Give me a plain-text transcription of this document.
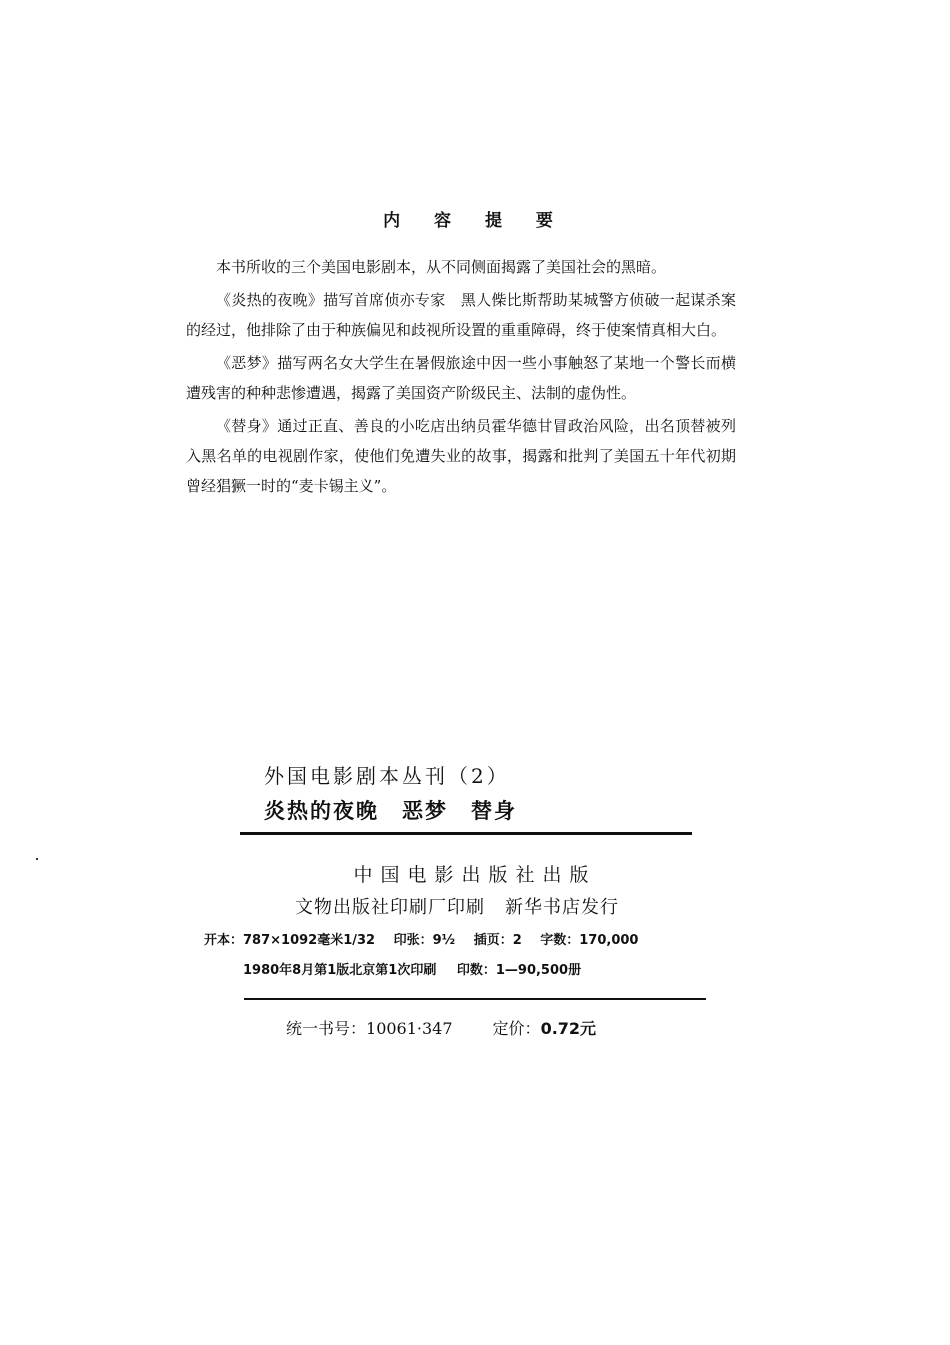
内 容 提 要

本书所收的三个美国电影剧本，从不同侧面揭露了美国社会的黑暗。

《炎热的夜晚》描写首席侦亦专家　黑人偨比斯帮助某城警方侦破一起谋杀案的经过，他排除了由于种族偏见和歧视所设置的重重障碍，终于使案情真相大白。

《恶梦》描写两名女大学生在暑假旅途中因一些小事触怒了某地一个警长而横遭残害的种种悲惨遭遇，揭露了美国资产阶级民主、法制的虚伪性。

《替身》通过正直、善良的小吃店出纳员霍华德甘冒政治风险，出名顶替被列入黑名单的电视剧作家，使他们免遭失业的故事，揭露和批判了美国五十年代初期曾经猖獗一时的“麦卡锡主义”。

外国电影剧本丛刊（2）
炎热的夜晚　恶梦　替身
中国电影出版社出版
文物出版社印刷厂印刷 新华书店发行
开本：787×1092毫米1/32 印张：9½ 插页：2 字数：170,000
1980年8月第1版北京第1次印刷 印数：1—90,500册
统一书号：10061·347	定价：0.72元
